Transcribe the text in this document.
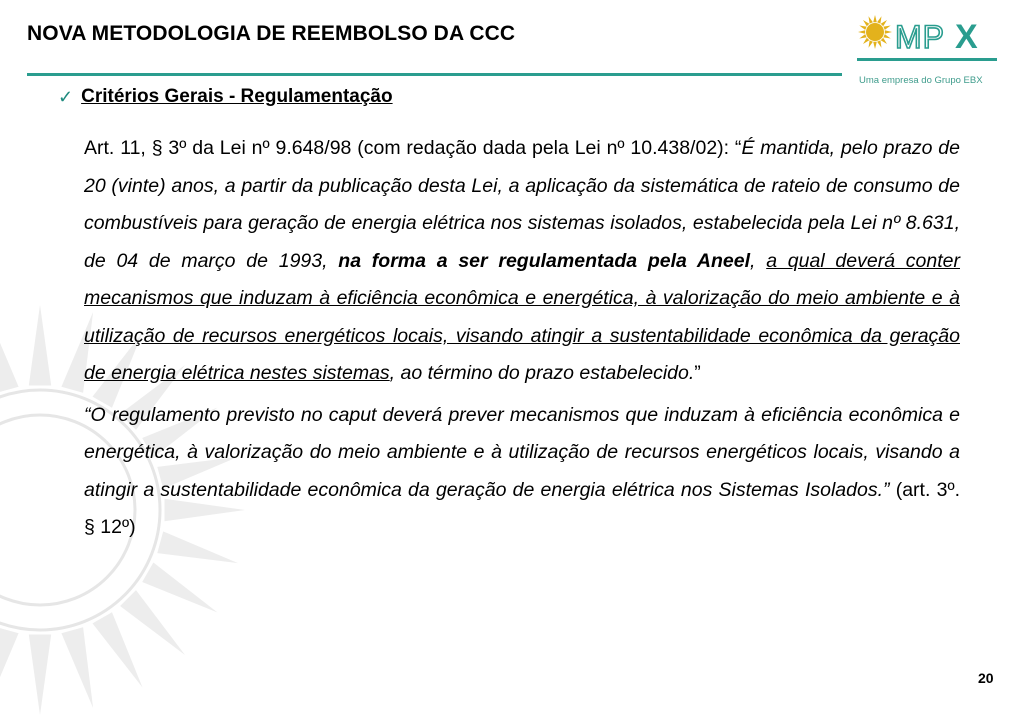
NOVA METODOLOGIA DE REEMBOLSO DA CCC	MP X
Uma empresa do Grupo EBX
✓ Critérios Gerais - Regulamentação

Art. 11, § 3º da Lei nº 9.648/98 (com redação dada pela Lei nº 10.438/02): “É mantida, pelo prazo de 20 (vinte) anos, a partir da publicação desta Lei, a aplicação da sistemática de rateio de consumo de combustíveis para geração de energia elétrica nos sistemas isolados, estabelecida pela Lei nº 8.631, de 04 de março de 1993, na forma a ser regulamentada pela Aneel, a qual deverá conter mecanismos que induzam à eficiência econômica e energética, à valorização do meio ambiente e à utilização de recursos energéticos locais, visando atingir a sustentabilidade econômica da geração de energia elétrica nestes sistemas, ao término do prazo estabelecido.”

“O regulamento previsto no caput deverá prever mecanismos que induzam à eficiência econômica e energética, à valorização do meio ambiente e à utilização de recursos energéticos locais, visando a atingir a sustentabilidade econômica da geração de energia elétrica nos Sistemas Isolados.” (art. 3º. § 12º)

20
